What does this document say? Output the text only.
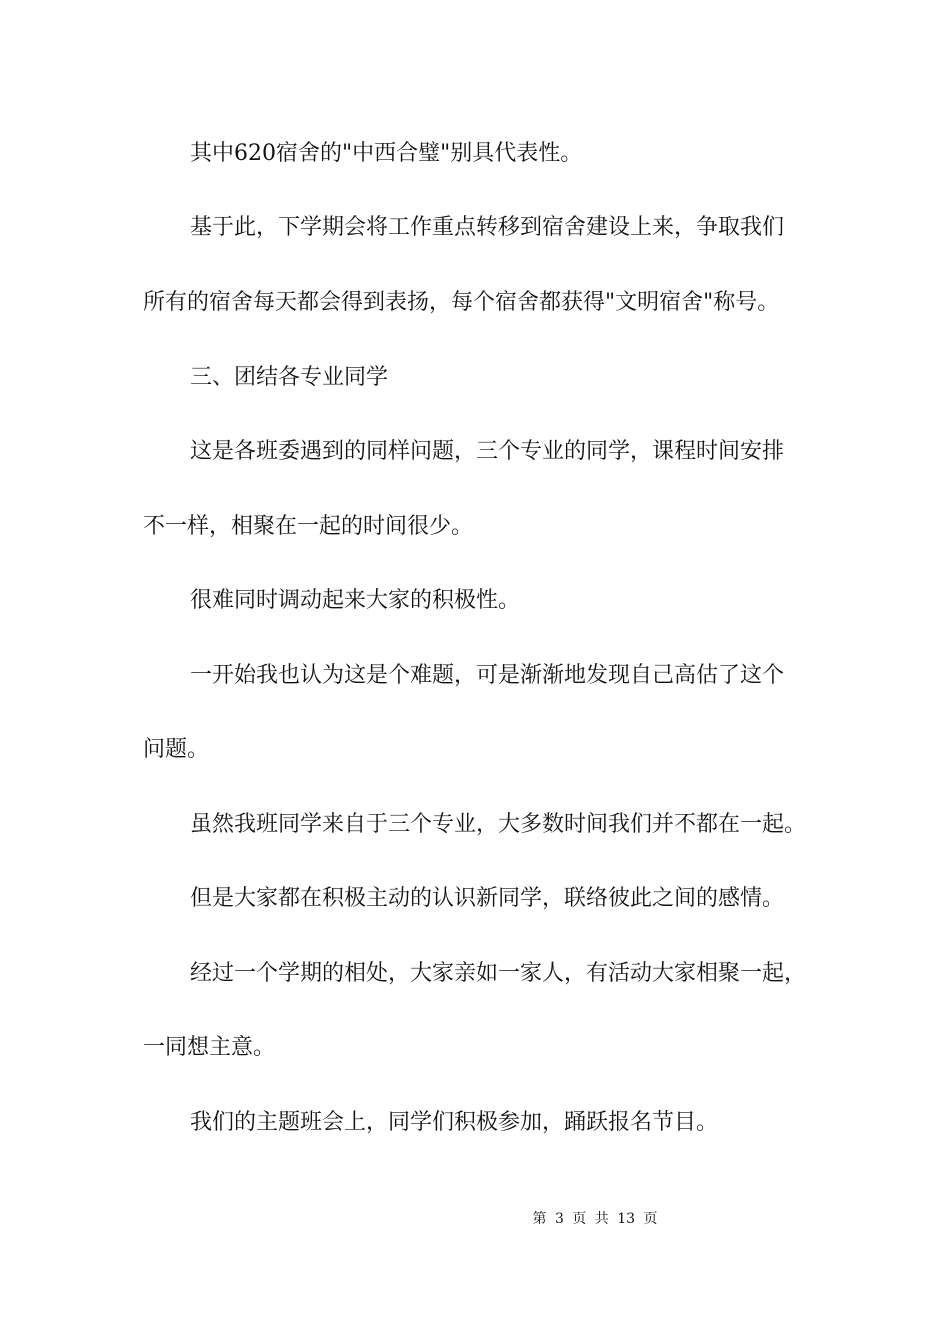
其中620宿舍的"中西合璧"别具代表性。
基于此，下学期会将工作重点转移到宿舍建设上来，争取我们
所有的宿舍每天都会得到表扬，每个宿舍都获得"文明宿舍"称号。
三、团结各专业同学
这是各班委遇到的同样问题，三个专业的同学，课程时间安排
不一样，相聚在一起的时间很少。
很难同时调动起来大家的积极性。
一开始我也认为这是个难题，可是渐渐地发现自己高估了这个
问题。
虽然我班同学来自于三个专业，大多数时间我们并不都在一起。
但是大家都在积极主动的认识新同学，联络彼此之间的感情。
经过一个学期的相处，大家亲如一家人，有活动大家相聚一起，
一同想主意。
我们的主题班会上，同学们积极参加，踊跃报名节目。
第 3 页 共 13 页
